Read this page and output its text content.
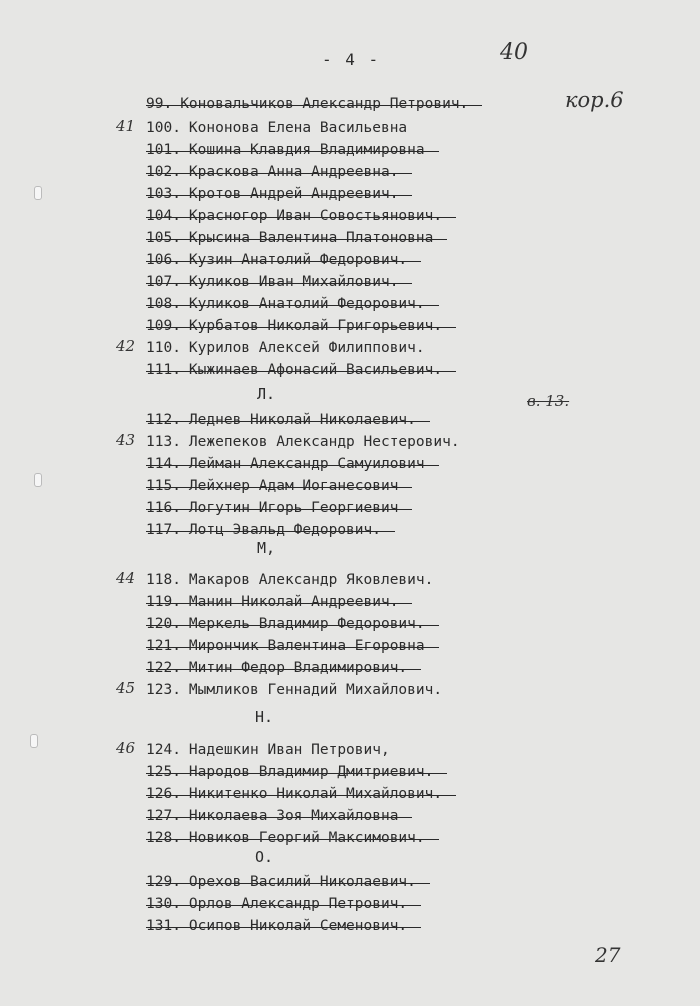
- 4 -	40
кор.6
в. 13.
27
Л.
М,
Н.
О.
99. Коновальчиков Александр Петрович.
100. Кононова Елена Васильевна
41
101. Кошина Клавдия Владимировна
102. Краскова Анна Андреевна.
103. Кротов Андрей Андреевич.
104. Красногор Иван Совостьянович.
105. Крысина Валентина Платоновна
106. Кузин Анатолий Федорович.
107. Куликов Иван Михайлович.
108. Куликов Анатолий Федорович.
109. Курбатов Николай Григорьевич.
110. Курилов Алексей Филиппович.
42
111. Кыжинаев Афонасий Васильевич.
112. Леднев Николай Николаевич.
113. Лежепеков Александр Нестерович.
43
114. Лейман Александр Самуилович
115. Лейхнер Адам Иоганесович
116. Логутин Игорь Георгиевич
117. Лотц Эвальд Федорович.
118. Макаров Александр Яковлевич.
44
119. Манин Николай Андреевич.
120. Меркель Владимир Федорович.
121. Мирончик Валентина Егоровна
122. Митин Федор Владимирович.
123. Мымликов Геннадий Михайлович.
45
124. Надешкин Иван Петрович,
46
125. Народов Владимир Дмитриевич.
126. Никитенко Николай Михайлович.
127. Николаева Зоя Михайловна
128. Новиков Георгий Максимович.
129. Орехов Василий Николаевич.
130. Орлов Александр Петрович.
131. Осипов Николай Семенович.
